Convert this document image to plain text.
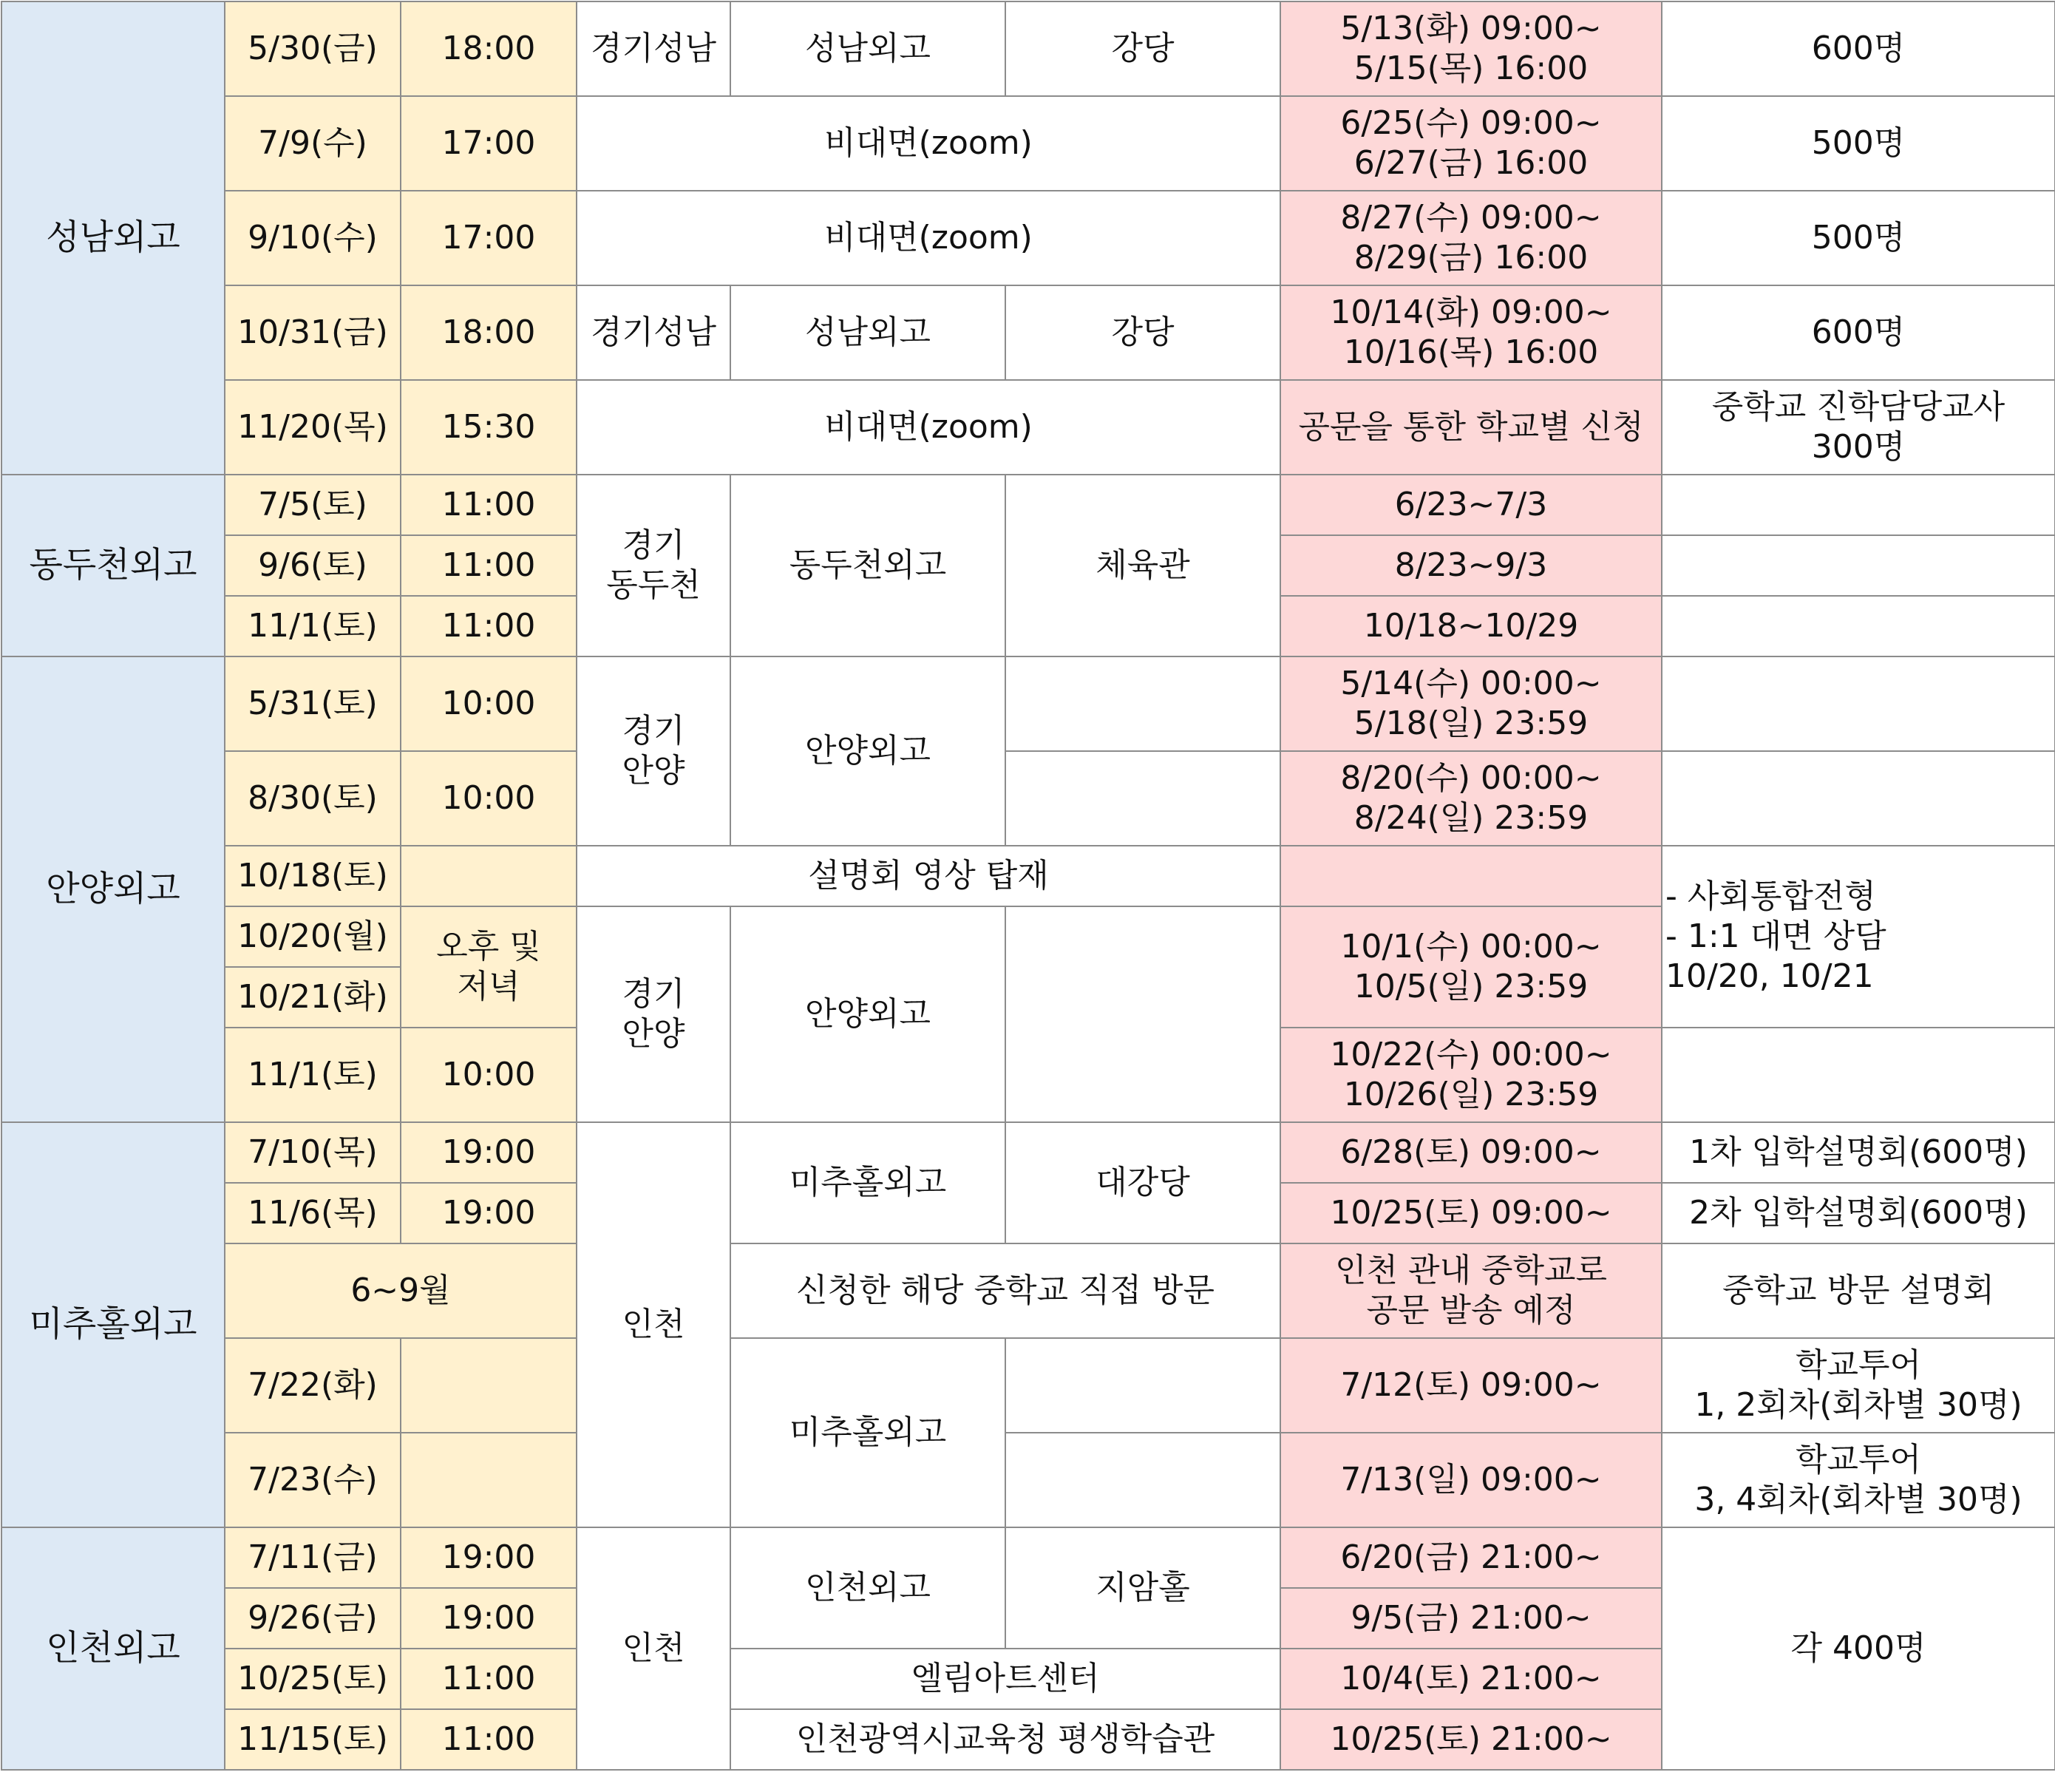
성남외고	5/30(금)	18:00	경기성남	성남외고	강당	5/13(화) 09:00~
5/15(목) 16:00	600명
	7/9(수)	17:00	비대면(zoom)			6/25(수) 09:00~
6/27(금) 16:00	500명
	9/10(수)	17:00	비대면(zoom)			8/27(수) 09:00~
8/29(금) 16:00	500명
	10/31(금)	18:00	경기성남	성남외고	강당	10/14(화) 09:00~
10/16(목) 16:00	600명
	11/20(목)	15:30	비대면(zoom)			공문을 통한 학교별 신청	중학교 진학담당교사
300명
동두천외고	7/5(토)	11:00	경기
동두천	동두천외고	체육관	6/23~7/3	
	9/6(토)	11:00				8/23~9/3	
	11/1(토)	11:00				10/18~10/29	
안양외고	5/31(토)	10:00	경기
안양	안양외고		5/14(수) 00:00~
5/18(일) 23:59	
	8/30(토)	10:00				8/20(수) 00:00~
8/24(일) 23:59	
	10/18(토)		설명회 영상 탑재				- 사회통합전형
- 1:1 대면 상담
10/20, 10/21
	10/20(월)	오후 및
저녁	경기
안양	안양외고		10/1(수) 00:00~
10/5(일) 23:59	
	10/21(화)						
	11/1(토)	10:00				10/22(수) 00:00~
10/26(일) 23:59	
미추홀외고	7/10(목)	19:00	인천	미추홀외고	대강당	6/28(토) 09:00~	1차 입학설명회(600명)
	11/6(목)	19:00				10/25(토) 09:00~	2차 입학설명회(600명)
	6~9월			신청한 해당 중학교 직접 방문		인천 관내 중학교로
공문 발송 예정	중학교 방문 설명회
	7/22(화)			미추홀외고		7/12(토) 09:00~	학교투어
1, 2회차(회차별 30명)
	7/23(수)					7/13(일) 09:00~	학교투어
3, 4회차(회차별 30명)
인천외고	7/11(금)	19:00	인천	인천외고	지암홀	6/20(금) 21:00~	각 400명
	9/26(금)	19:00				9/5(금) 21:00~	
	10/25(토)	11:00		엘림아트센터		10/4(토) 21:00~	
	11/15(토)	11:00		인천광역시교육청 평생학습관		10/25(토) 21:00~	
